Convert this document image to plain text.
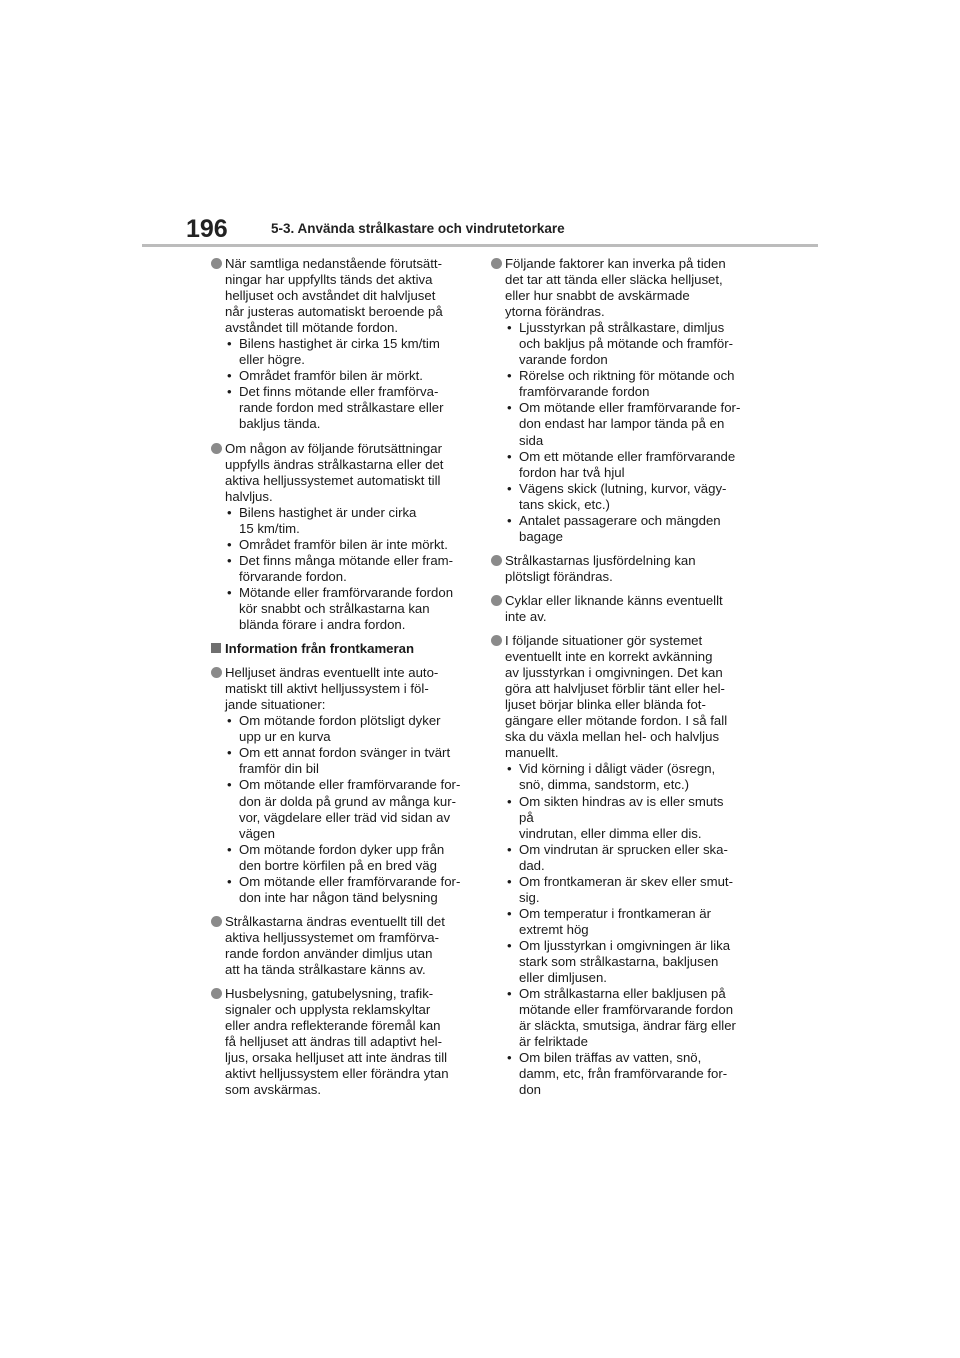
196	5-3. Använda strålkastare och vindrutetorkare
När samtliga nedanstående förutsätt-
ningar har uppfyllts tänds det aktiva
helljuset och avståndet dit halvljuset
når justeras automatiskt beroende på
avståndet till mötande fordon.
• Bilens hastighet är cirka 15 km/tim
eller högre.
• Området framför bilen är mörkt.
• Det finns mötande eller framförva-
rande fordon med strålkastare eller
bakljus tända.
Om någon av följande förutsättningar
uppfylls ändras strålkastarna eller det
aktiva helljussystemet automatiskt till
halvljus.
• Bilens hastighet är under cirka
15 km/tim.
• Området framför bilen är inte mörkt.
• Det finns många mötande eller fram-
förvarande fordon.
• Mötande eller framförvarande fordon
kör snabbt och strålkastarna kan
blända förare i andra fordon.
Information från frontkameran
Helljuset ändras eventuellt inte auto-
matiskt till aktivt helljussystem i föl-
jande situationer:
• Om mötande fordon plötsligt dyker
upp ur en kurva
• Om ett annat fordon svänger in tvärt
framför din bil
• Om mötande eller framförvarande for-
don är dolda på grund av många kur-
vor, vägdelare eller träd vid sidan av
vägen
• Om mötande fordon dyker upp från
den bortre körfilen på en bred väg
• Om mötande eller framförvarande for-
don inte har någon tänd belysning
Strålkastarna ändras eventuellt till det
aktiva helljussystemet om framförva-
rande fordon använder dimljus utan
att ha tända strålkastare känns av.
Husbelysning, gatubelysning, trafik-
signaler och upplysta reklamskyltar
eller andra reflekterande föremål kan
få helljuset att ändras till adaptivt hel-
ljus, orsaka helljuset att inte ändras till
aktivt helljussystem eller förändra ytan
som avskärmas.
Följande faktorer kan inverka på tiden
det tar att tända eller släcka helljuset,
eller hur snabbt de avskärmade
ytorna förändras.
• Ljusstyrkan på strålkastare, dimljus
och bakljus på mötande och framför-
varande fordon
• Rörelse och riktning för mötande och
framförvarande fordon
• Om mötande eller framförvarande for-
don endast har lampor tända på en
sida
• Om ett mötande eller framförvarande
fordon har två hjul
• Vägens skick (lutning, kurvor, vägy-
tans skick, etc.)
• Antalet passagerare och mängden
bagage
Strålkastarnas ljusfördelning kan
plötsligt förändras.
Cyklar eller liknande känns eventuellt
inte av.
I följande situationer gör systemet
eventuellt inte en korrekt avkänning
av ljusstyrkan i omgivningen. Det kan
göra att halvljuset förblir tänt eller hel-
ljuset börjar blinka eller blända fot-
gängare eller mötande fordon. I så fall
ska du växla mellan hel- och halvljus
manuellt.
• Vid körning i dåligt väder (ösregn,
snö, dimma, sandstorm, etc.)
• Om sikten hindras av is eller smuts på
vindrutan, eller dimma eller dis.
• Om vindrutan är sprucken eller ska-
dad.
• Om frontkameran är skev eller smut-
sig.
• Om temperatur i frontkameran är
extremt hög
• Om ljusstyrkan i omgivningen är lika
stark som strålkastarna, bakljusen
eller dimljusen.
• Om strålkastarna eller bakljusen på
mötande eller framförvarande fordon
är släckta, smutsiga, ändrar färg eller
är felriktade
• Om bilen träffas av vatten, snö,
damm, etc, från framförvarande for-
don
